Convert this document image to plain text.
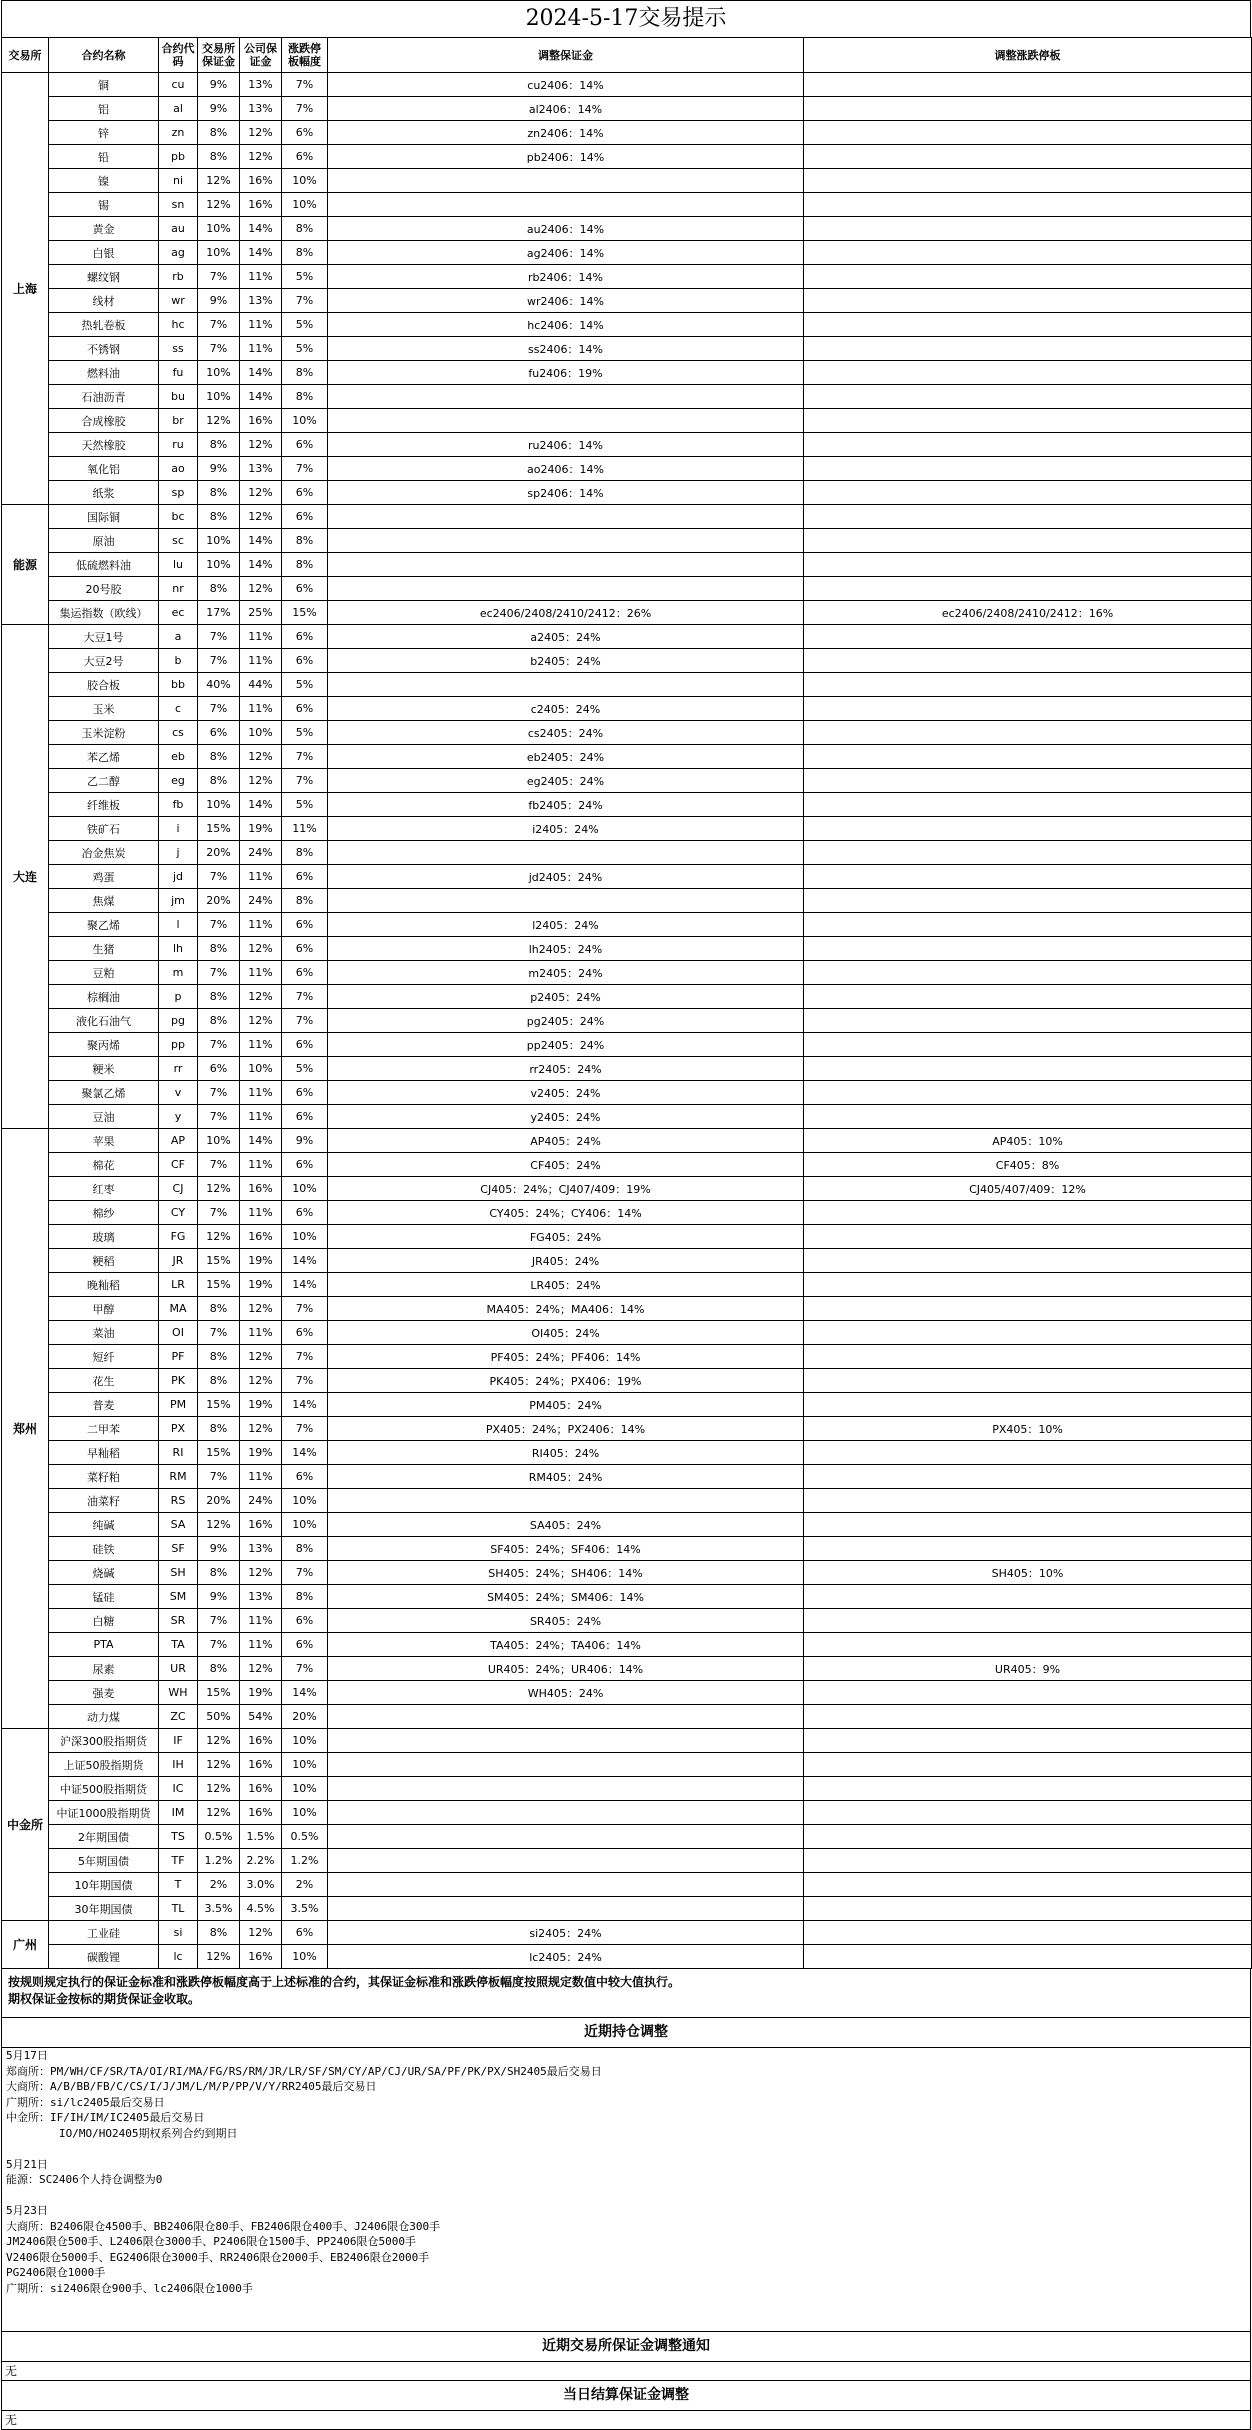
2024-5-17交易提示
交易所	合约名称	合约代码	交易所保证金	公司保证金	涨跌停板幅度	调整保证金	调整涨跌停板
上海	铜	cu	9%	13%	7%	cu2406：14%	
	铝	al	9%	13%	7%	al2406：14%	
	锌	zn	8%	12%	6%	zn2406：14%	
	铅	pb	8%	12%	6%	pb2406：14%	
	镍	ni	12%	16%	10%		
	锡	sn	12%	16%	10%		
	黄金	au	10%	14%	8%	au2406：14%	
	白银	ag	10%	14%	8%	ag2406：14%	
	螺纹钢	rb	7%	11%	5%	rb2406：14%	
	线材	wr	9%	13%	7%	wr2406：14%	
	热轧卷板	hc	7%	11%	5%	hc2406：14%	
	不锈钢	ss	7%	11%	5%	ss2406：14%	
	燃料油	fu	10%	14%	8%	fu2406：19%	
	石油沥青	bu	10%	14%	8%		
	合成橡胶	br	12%	16%	10%		
	天然橡胶	ru	8%	12%	6%	ru2406：14%	
	氧化铝	ao	9%	13%	7%	ao2406：14%	
	纸浆	sp	8%	12%	6%	sp2406：14%	
能源	国际铜	bc	8%	12%	6%		
	原油	sc	10%	14%	8%		
	低硫燃料油	lu	10%	14%	8%		
	20号胶	nr	8%	12%	6%		
	集运指数（欧线）	ec	17%	25%	15%	ec2406/2408/2410/2412：26%	ec2406/2408/2410/2412：16%
大连	大豆1号	a	7%	11%	6%	a2405：24%	
	大豆2号	b	7%	11%	6%	b2405：24%	
	胶合板	bb	40%	44%	5%		
	玉米	c	7%	11%	6%	c2405：24%	
	玉米淀粉	cs	6%	10%	5%	cs2405：24%	
	苯乙烯	eb	8%	12%	7%	eb2405：24%	
	乙二醇	eg	8%	12%	7%	eg2405：24%	
	纤维板	fb	10%	14%	5%	fb2405：24%	
	铁矿石	i	15%	19%	11%	i2405：24%	
	冶金焦炭	j	20%	24%	8%		
	鸡蛋	jd	7%	11%	6%	jd2405：24%	
	焦煤	jm	20%	24%	8%		
	聚乙烯	l	7%	11%	6%	l2405：24%	
	生猪	lh	8%	12%	6%	lh2405：24%	
	豆粕	m	7%	11%	6%	m2405：24%	
	棕榈油	p	8%	12%	7%	p2405：24%	
	液化石油气	pg	8%	12%	7%	pg2405：24%	
	聚丙烯	pp	7%	11%	6%	pp2405：24%	
	粳米	rr	6%	10%	5%	rr2405：24%	
	聚氯乙烯	v	7%	11%	6%	v2405：24%	
	豆油	y	7%	11%	6%	y2405：24%	
郑州	苹果	AP	10%	14%	9%	AP405：24%	AP405：10%
	棉花	CF	7%	11%	6%	CF405：24%	CF405：8%
	红枣	CJ	12%	16%	10%	CJ405：24%；CJ407/409：19%	CJ405/407/409：12%
	棉纱	CY	7%	11%	6%	CY405：24%；CY406：14%	
	玻璃	FG	12%	16%	10%	FG405：24%	
	粳稻	JR	15%	19%	14%	JR405：24%	
	晚籼稻	LR	15%	19%	14%	LR405：24%	
	甲醇	MA	8%	12%	7%	MA405：24%；MA406：14%	
	菜油	OI	7%	11%	6%	OI405：24%	
	短纤	PF	8%	12%	7%	PF405：24%；PF406：14%	
	花生	PK	8%	12%	7%	PK405：24%；PX406：19%	
	普麦	PM	15%	19%	14%	PM405：24%	
	二甲苯	PX	8%	12%	7%	PX405：24%；PX2406：14%	PX405：10%
	早籼稻	RI	15%	19%	14%	RI405：24%	
	菜籽粕	RM	7%	11%	6%	RM405：24%	
	油菜籽	RS	20%	24%	10%		
	纯碱	SA	12%	16%	10%	SA405：24%	
	硅铁	SF	9%	13%	8%	SF405：24%；SF406：14%	
	烧碱	SH	8%	12%	7%	SH405：24%；SH406：14%	SH405：10%
	锰硅	SM	9%	13%	8%	SM405：24%；SM406：14%	
	白糖	SR	7%	11%	6%	SR405：24%	
	PTA	TA	7%	11%	6%	TA405：24%；TA406：14%	
	尿素	UR	8%	12%	7%	UR405：24%；UR406：14%	UR405：9%
	强麦	WH	15%	19%	14%	WH405：24%	
	动力煤	ZC	50%	54%	20%		
中金所	沪深300股指期货	IF	12%	16%	10%		
	上证50股指期货	IH	12%	16%	10%		
	中证500股指期货	IC	12%	16%	10%		
	中证1000股指期货	IM	12%	16%	10%		
	2年期国债	TS	0.5%	1.5%	0.5%		
	5年期国债	TF	1.2%	2.2%	1.2%		
	10年期国债	T	2%	3.0%	2%		
	30年期国债	TL	3.5%	4.5%	3.5%		
广州	工业硅	si	8%	12%	6%	si2405：24%	
	碳酸锂	lc	12%	16%	10%	lc2405：24%	
按规则规定执行的保证金标准和涨跌停板幅度高于上述标准的合约，其保证金标准和涨跌停板幅度按照规定数值中较大值执行。
期权保证金按标的期货保证金收取。
近期持仓调整
5月17日
郑商所：PM/WH/CF/SR/TA/OI/RI/MA/FG/RS/RM/JR/LR/SF/SM/CY/AP/CJ/UR/SA/PF/PK/PX/SH2405最后交易日
大商所：A/B/BB/FB/C/CS/I/J/JM/L/M/P/PP/V/Y/RR2405最后交易日
广期所：si/lc2405最后交易日
中金所：IF/IH/IM/IC2405最后交易日
IO/MO/HO2405期权系列合约到期日
5月21日
能源：SC2406个人持仓调整为0
5月23日
大商所：B2406限仓4500手、BB2406限仓80手、FB2406限仓400手、J2406限仓300手
JM2406限仓500手、L2406限仓3000手、P2406限仓1500手、PP2406限仓5000手
V2406限仓5000手、EG2406限仓3000手、RR2406限仓2000手、EB2406限仓2000手
PG2406限仓1000手
广期所：si2406限仓900手、lc2406限仓1000手
近期交易所保证金调整通知
无
当日结算保证金调整
无
